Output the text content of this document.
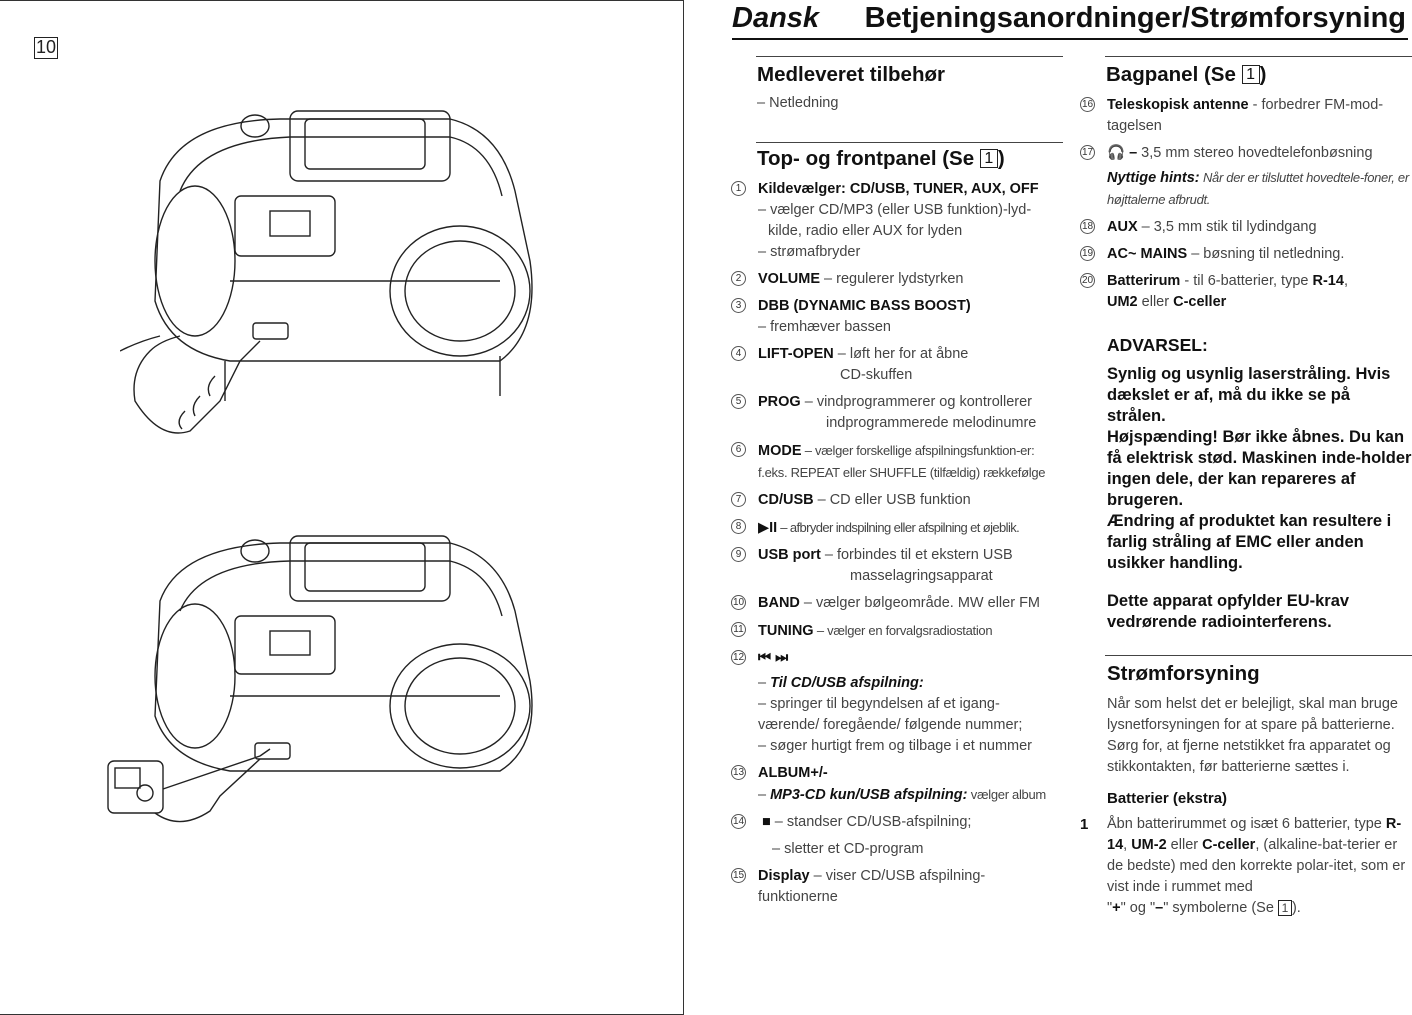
10
Dansk Betjeningsanordninger/Strømforsyning
Medleveret tilbehør
– Netledning
Top- og frontpanel (Se 1 )
1	Kildevælger: CD/USB, TUNER, AUX, OFF
– vælger CD/MP3 (eller USB funktion)-lyd-
kilde, radio eller AUX for lyden
– strømafbryder
2	VOLUME – regulerer lydstyrken
3	DBB (DYNAMIC BASS BOOST)
– fremhæver bassen
4	LIFT-OPEN – løft her for at åbne
CD-skuffen
5	PROG – vindprogrammerer og kontrollerer
indprogrammerede melodinumre
6	MODE – vælger forskellige afspilningsfunktion-er: f.eks. REPEAT eller SHUFFLE (tilfældig) rækkefølge
7	CD/USB – CD eller USB funktion
8	▶II – afbryder indspilning eller afspilning et øjeblik.
9	USB port – forbindes til et ekstern USB
masselagringsapparat
10 BAND – vælger bølgeområde. MW eller FM
11 TUNING – vælger en forvalgsradiostation
12 ⏮ ⏭

– Til CD/USB afspilning:
– springer til begyndelsen af et igang-
værende/ foregående/ følgende nummer;
– søger hurtigt frem og tilbage i et nummer
13 ALBUM+/-
– MP3-CD kun/USB afspilning: vælger album
14 ■ – standser CD/USB-afspilning;

– sletter et CD-program
15 Display – viser CD/USB afspilning-funktionerne
Bagpanel (Se 1 )
16 Teleskopisk antenne - forbedrer FM-mod-tagelsen
17 🎧 – 3,5 mm stereo hovedtelefonbøsning

Nyttige hints: Når der er tilsluttet hovedtele-foner, er højttalerne afbrudt.
18 AUX – 3,5 mm stik til lydindgang
19 AC~ MAINS – bøsning til netledning.
20 Batterirum - til 6-batterier, type R-14,
UM2 eller C-celler
ADVARSEL:
Synlig og usynlig laserstråling. Hvis dækslet er af, må du ikke se på strålen.
Højspænding! Bør ikke åbnes. Du kan få elektrisk stød. Maskinen inde-holder ingen dele, der kan repareres af brugeren.
Ændring af produktet kan resultere i farlig stråling af EMC eller anden usikker handling.
Dette apparat opfylder EU-krav vedrørende radiointerferens.
Strømforsyning
Når som helst det er belejligt, skal man bruge lysnetforsyningen for at spare på batterierne. Sørg for, at fjerne netstikket fra apparatet og stikkontakten, før batterierne sættes i.
Batterier (ekstra)
1 Åbn batterirummet og isæt 6 batterier, type R-14, UM-2 eller C-celler, (alkaline-bat-terier er de bedste) med den korrekte polar-itet, som er vist inde i rummet med
"+" og "–" symbolerne (Se 1 ).
